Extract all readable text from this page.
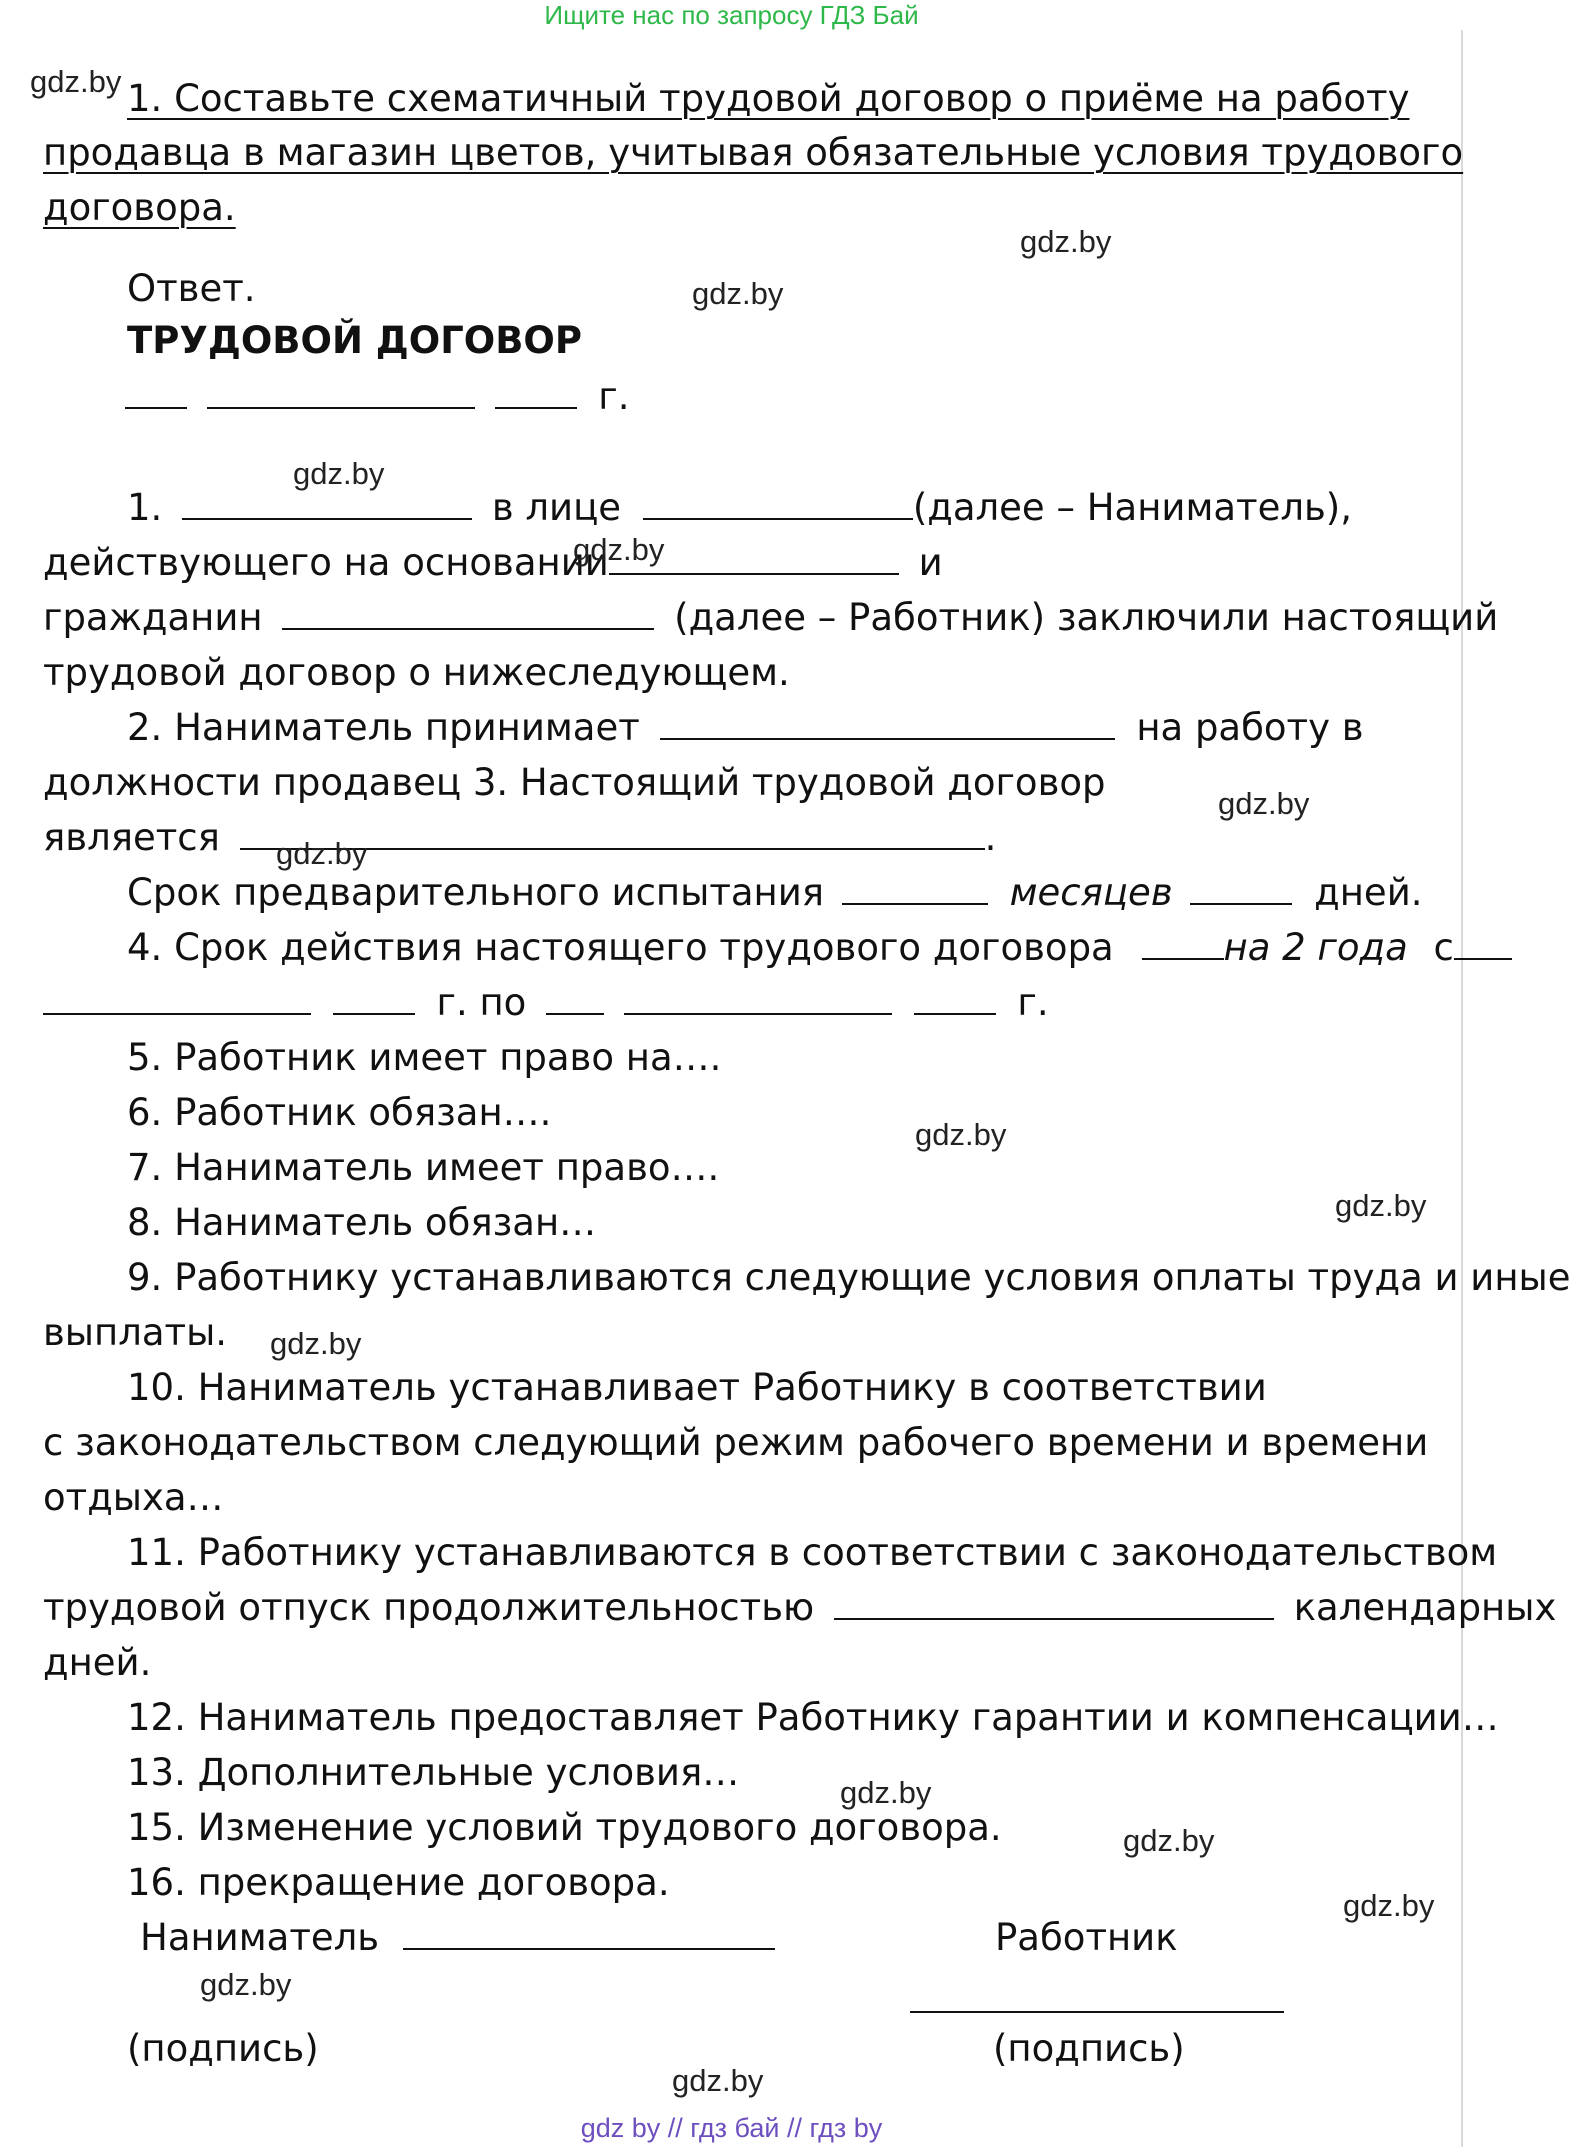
Ищите нас по запросу ГДЗ Бай
1. Составьте схематичный трудовой договор о приёме на работу
продавца в магазин цветов, учитывая обязательные условия трудового
договора.
Ответ.
ТРУДОВОЙ ДОГОВОР
г.
1.	в лице	(далее – Наниматель),
действующего на основании	и
гражданин	(далее – Работник) заключили настоящий
трудовой договор о нижеследующем.
2. Наниматель принимает	на работу в
должности продавец 3. Настоящий трудовой договор
является	.
Срок предварительного испытания	месяцев	дней.
4. Срок действия настоящего трудового договора	на 2 года с
г. по	г.
5. Работник имеет право на….
6. Работник обязан….
7. Наниматель имеет право….
8. Наниматель обязан…
9. Работнику устанавливаются следующие условия оплаты труда и иные
выплаты.
10. Наниматель устанавливает Работнику в соответствии
с законодательством следующий режим рабочего времени и времени
отдыха…
11. Работнику устанавливаются в соответствии с законодательством
трудовой отпуск продолжительностью	календарных
дней.
12. Наниматель предоставляет Работнику гарантии и компенсации…
13. Дополнительные условия…
15. Изменение условий трудового договора.
16. прекращение договора.
Наниматель	Работник
(подпись)	(подпись)
gdz.by
gdz.by
gdz.by
gdz.by
gdz.by
gdz.by
gdz.by
gdz.by
gdz.by
gdz.by
gdz.by
gdz.by
gdz.by
gdz.by
gdz.by
gdz by // гдз бай // гдз by
